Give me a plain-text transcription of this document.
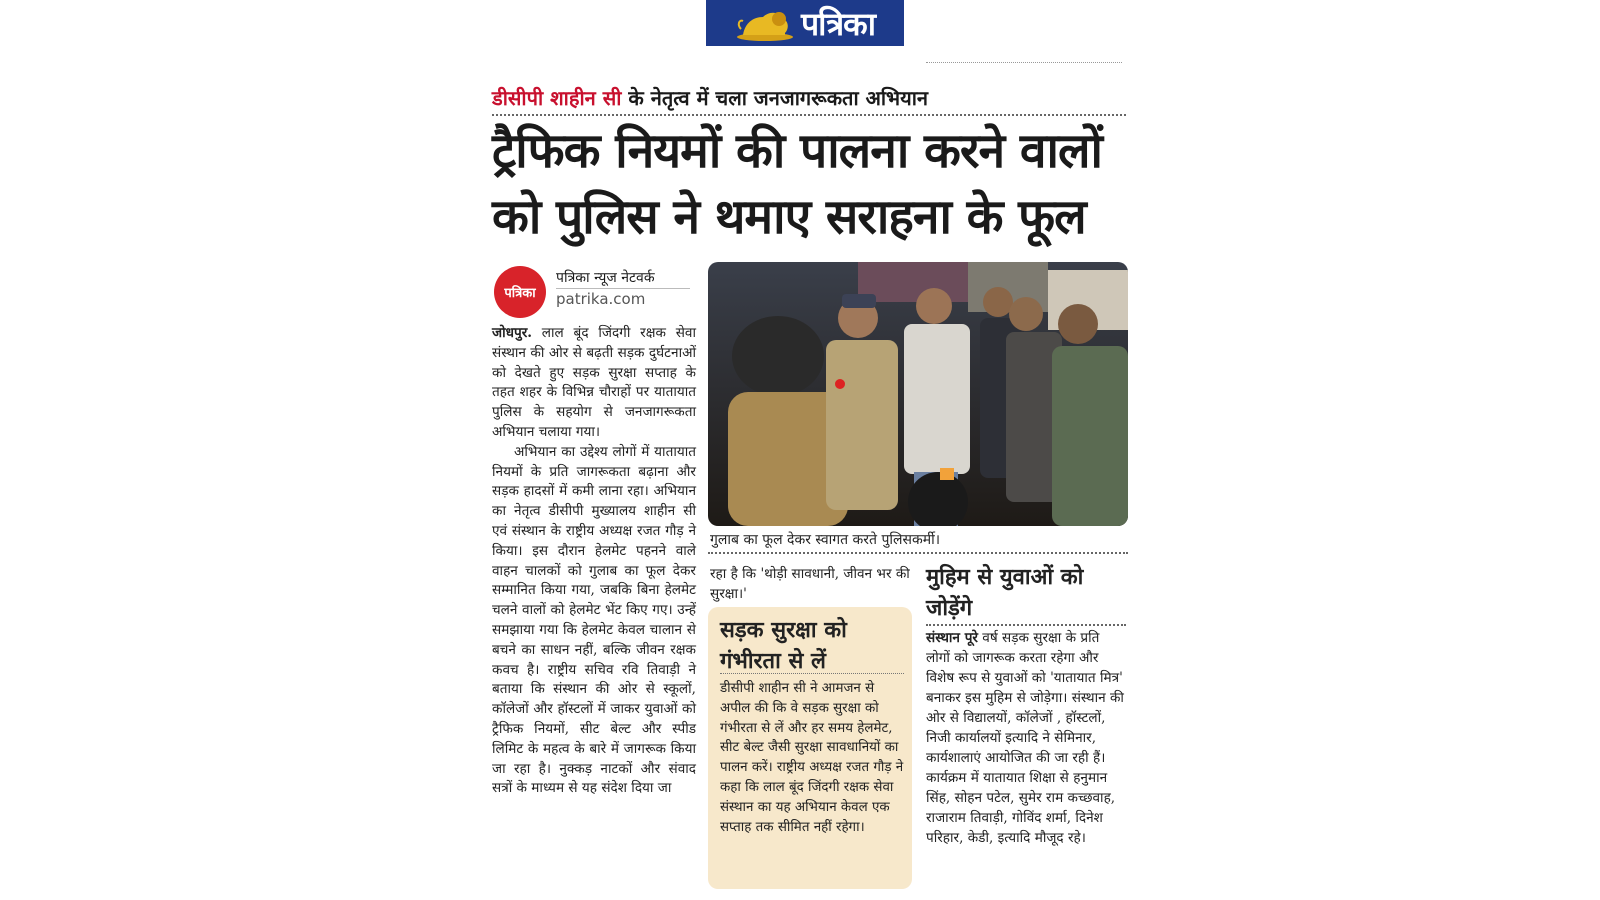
पत्रिका
डीसीपी शाहीन सी के नेतृत्व में चला जनजागरूकता अभियान
ट्रैफिक नियमों की पालना करने वालों
को पुलिस ने थमाए सराहना के फूल
पत्रिका
पत्रिका न्यूज नेटवर्क
patrika.com

जोधपुर. लाल बूंद जिंदगी रक्षक सेवा संस्थान की ओर से बढ़ती सड़क दुर्घटनाओं को देखते हुए सड़क सुरक्षा सप्ताह के तहत शहर के विभिन्न चौराहों पर यातायात पुलिस के सहयोग से जनजागरूकता अभियान चलाया गया।

अभियान का उद्देश्य लोगों में यातायात नियमों के प्रति जागरूकता बढ़ाना और सड़क हादसों में कमी लाना रहा। अभियान का नेतृत्व डीसीपी मुख्यालय शाहीन सी एवं संस्थान के राष्ट्रीय अध्यक्ष रजत गौड़ ने किया। इस दौरान हेलमेट पहनने वाले वाहन चालकों को गुलाब का फूल देकर सम्मानित किया गया, जबकि बिना हेलमेट चलने वालों को हेलमेट भेंट किए गए। उन्हें समझाया गया कि हेलमेट केवल चालान से बचने का साधन नहीं, बल्कि जीवन रक्षक कवच है। राष्ट्रीय सचिव रवि तिवाड़ी ने बताया कि संस्थान की ओर से स्कूलों, कॉलेजों और हॉस्टलों में जाकर युवाओं को ट्रैफिक नियमों, सीट बेल्ट और स्पीड लिमिट के महत्व के बारे में जागरूक किया जा रहा है। नुक्कड़ नाटकों और संवाद सत्रों के माध्यम से यह संदेश दिया जा

गुलाब का फूल देकर स्वागत करते पुलिसकर्मी।
रहा है कि 'थोड़ी सावधानी, जीवन भर की सुरक्षा।'
सड़क सुरक्षा को गंभीरता से लें
डीसीपी शाहीन सी ने आमजन से अपील की कि वे सड़क सुरक्षा को गंभीरता से लें और हर समय हेलमेट, सीट बेल्ट जैसी सुरक्षा सावधानियों का पालन करें। राष्ट्रीय अध्यक्ष रजत गौड़ ने कहा कि लाल बूंद जिंदगी रक्षक सेवा संस्थान का यह अभियान केवल एक सप्ताह तक सीमित नहीं रहेगा।
मुहिम से युवाओं को जोड़ेंगे
संस्थान पूरे वर्ष सड़क सुरक्षा के प्रति लोगों को जागरूक करता रहेगा और विशेष रूप से युवाओं को 'यातायात मित्र' बनाकर इस मुहिम से जोड़ेगा। संस्थान की ओर से विद्यालयों, कॉलेजों , हॉस्टलों, निजी कार्यालयों इत्यादि ने सेमिनार, कार्यशालाएं आयोजित की जा रही हैं। कार्यक्रम में यातायात शिक्षा से हनुमान सिंह, सोहन पटेल, सुमेर राम कच्छवाह, राजाराम तिवाड़ी, गोविंद शर्मा, दिनेश परिहार, केडी, इत्यादि मौजूद रहे।
